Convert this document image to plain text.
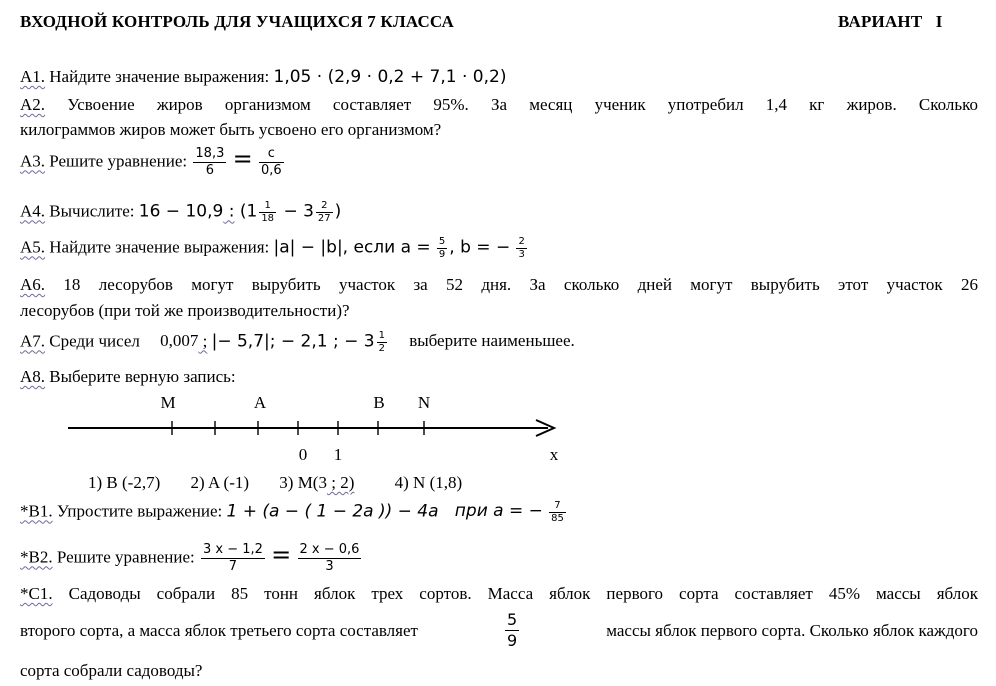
ВХОДНОЙ КОНТРОЛЬ ДЛЯ УЧАЩИХСЯ 7 КЛАССА	ВАРИАНТ   I
А1. Найдите значение выражения: 1,05 · (2,9 · 0,2 + 7,1 · 0,2)
А2. Усвоение жиров организмом составляет 95%. За месяц ученик употребил 1,4 кг жиров. Сколько
килограммов жиров может быть усвоено его организмом?
А3. Решите уравнение: $\frac{18,3}{6} = \frac{c}{0,6}$
А4. Вычислите: 16 − 10,9 : ($1 \frac{1}{18} - 3 \frac{2}{27}$ )
А5. Найдите значение выражения: |a| − |b|, если $a = \frac{5}{9}$ , b = − $\frac{2}{3}$
А6. 18 лесорубов могут вырубить участок за 52 дня. За сколько дней могут вырубить этот участок 26
лесорубов (при той же производительности)?
А7. Среди чисел 0,007 ; |− 5,7|; − 2,1 ; − $3 \frac{1}{2}$ выберите наименьшее.
А8. Выберите верную запись:
M	A	B N
0 1	x
1) B (-2,7) 2) A (-1) 3) M(3 ; 2) 4) N (1,8)
*В1. Упростите выражение: 1 + (a − ( 1 − 2a )) − 4a при a = − $\frac{7}{85}$
*В2. Решите уравнение: $\frac{3 x - 1,2}{7} = \frac{2 x - 0,6}{3}$
*С1. Садоводы собрали 85 тонн яблок трех сортов. Масса яблок первого сорта составляет 45% массы яблок
второго сорта, а масса яблок третьего сорта составляет	$\frac{5}{9}$	массы яблок первого сорта. Сколько яблок каждого
сорта собрали садоводы?
